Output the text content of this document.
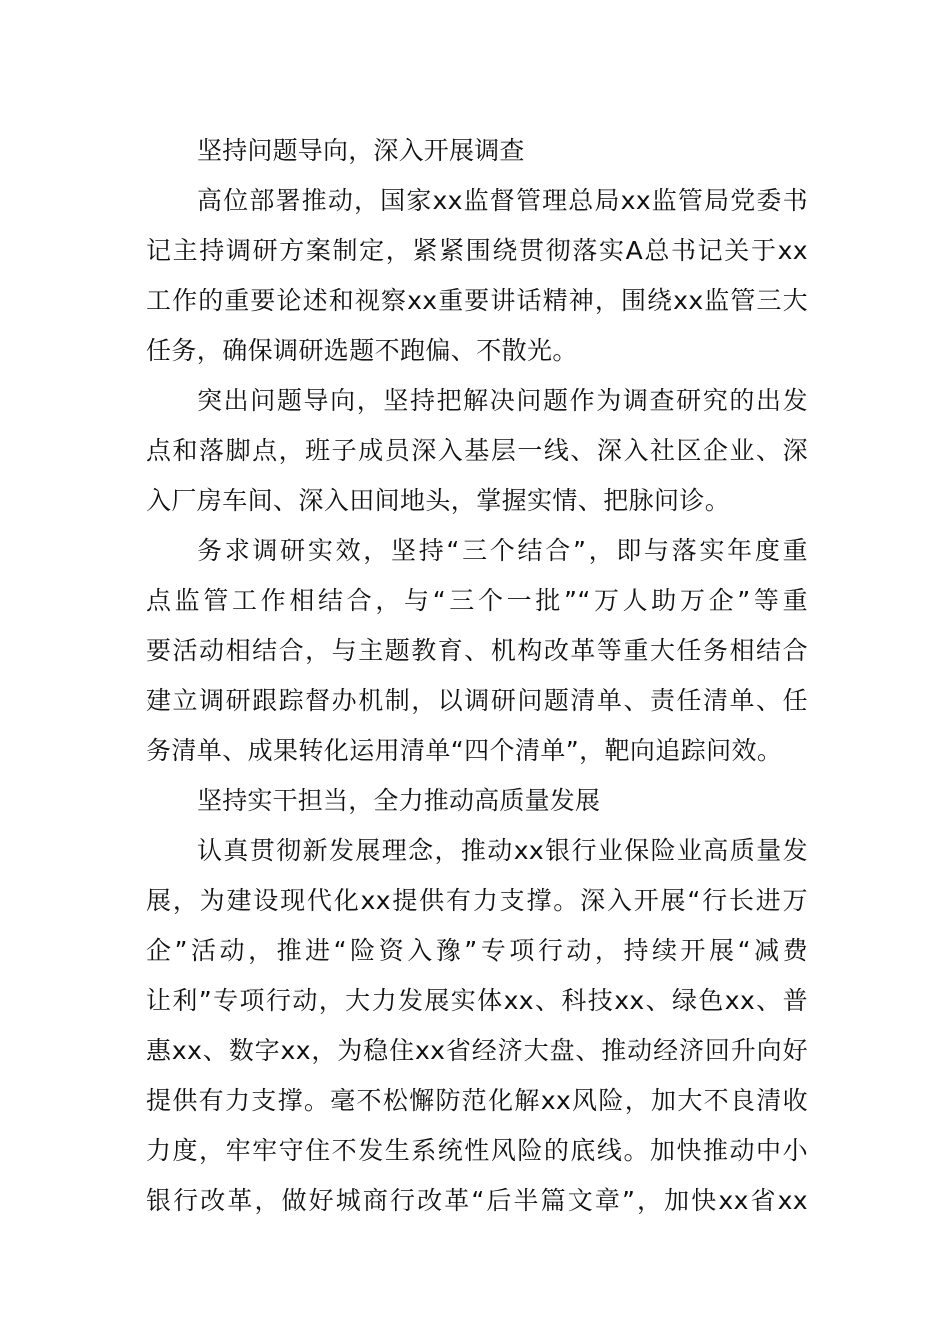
坚持问题导向，深入开展调查
高位部署推动，国家xx监督管理总局xx监管局党委书
记主持调研方案制定，紧紧围绕贯彻落实A总书记关于xx
工作的重要论述和视察xx重要讲话精神，围绕xx监管三大
任务，确保调研选题不跑偏、不散光。
突出问题导向，坚持把解决问题作为调查研究的出发
点和落脚点，班子成员深入基层一线、深入社区企业、深
入厂房车间、深入田间地头，掌握实情、把脉问诊。
务求调研实效，坚持“三个结合”，即与落实年度重
点监管工作相结合，与“三个一批”“万人助万企”等重
要活动相结合，与主题教育、机构改革等重大任务相结合
建立调研跟踪督办机制，以调研问题清单、责任清单、任
务清单、成果转化运用清单“四个清单”，靶向追踪问效。
坚持实干担当，全力推动高质量发展
认真贯彻新发展理念，推动xx银行业保险业高质量发
展，为建设现代化xx提供有力支撑。深入开展“行长进万
企”活动，推进“险资入豫”专项行动，持续开展“减费
让利”专项行动，大力发展实体xx、科技xx、绿色xx、普
惠xx、数字xx，为稳住xx省经济大盘、推动经济回升向好
提供有力支撑。毫不松懈防范化解xx风险，加大不良清收
力度，牢牢守住不发生系统性风险的底线。加快推动中小
银行改革，做好城商行改革“后半篇文章”，加快xx省xx
